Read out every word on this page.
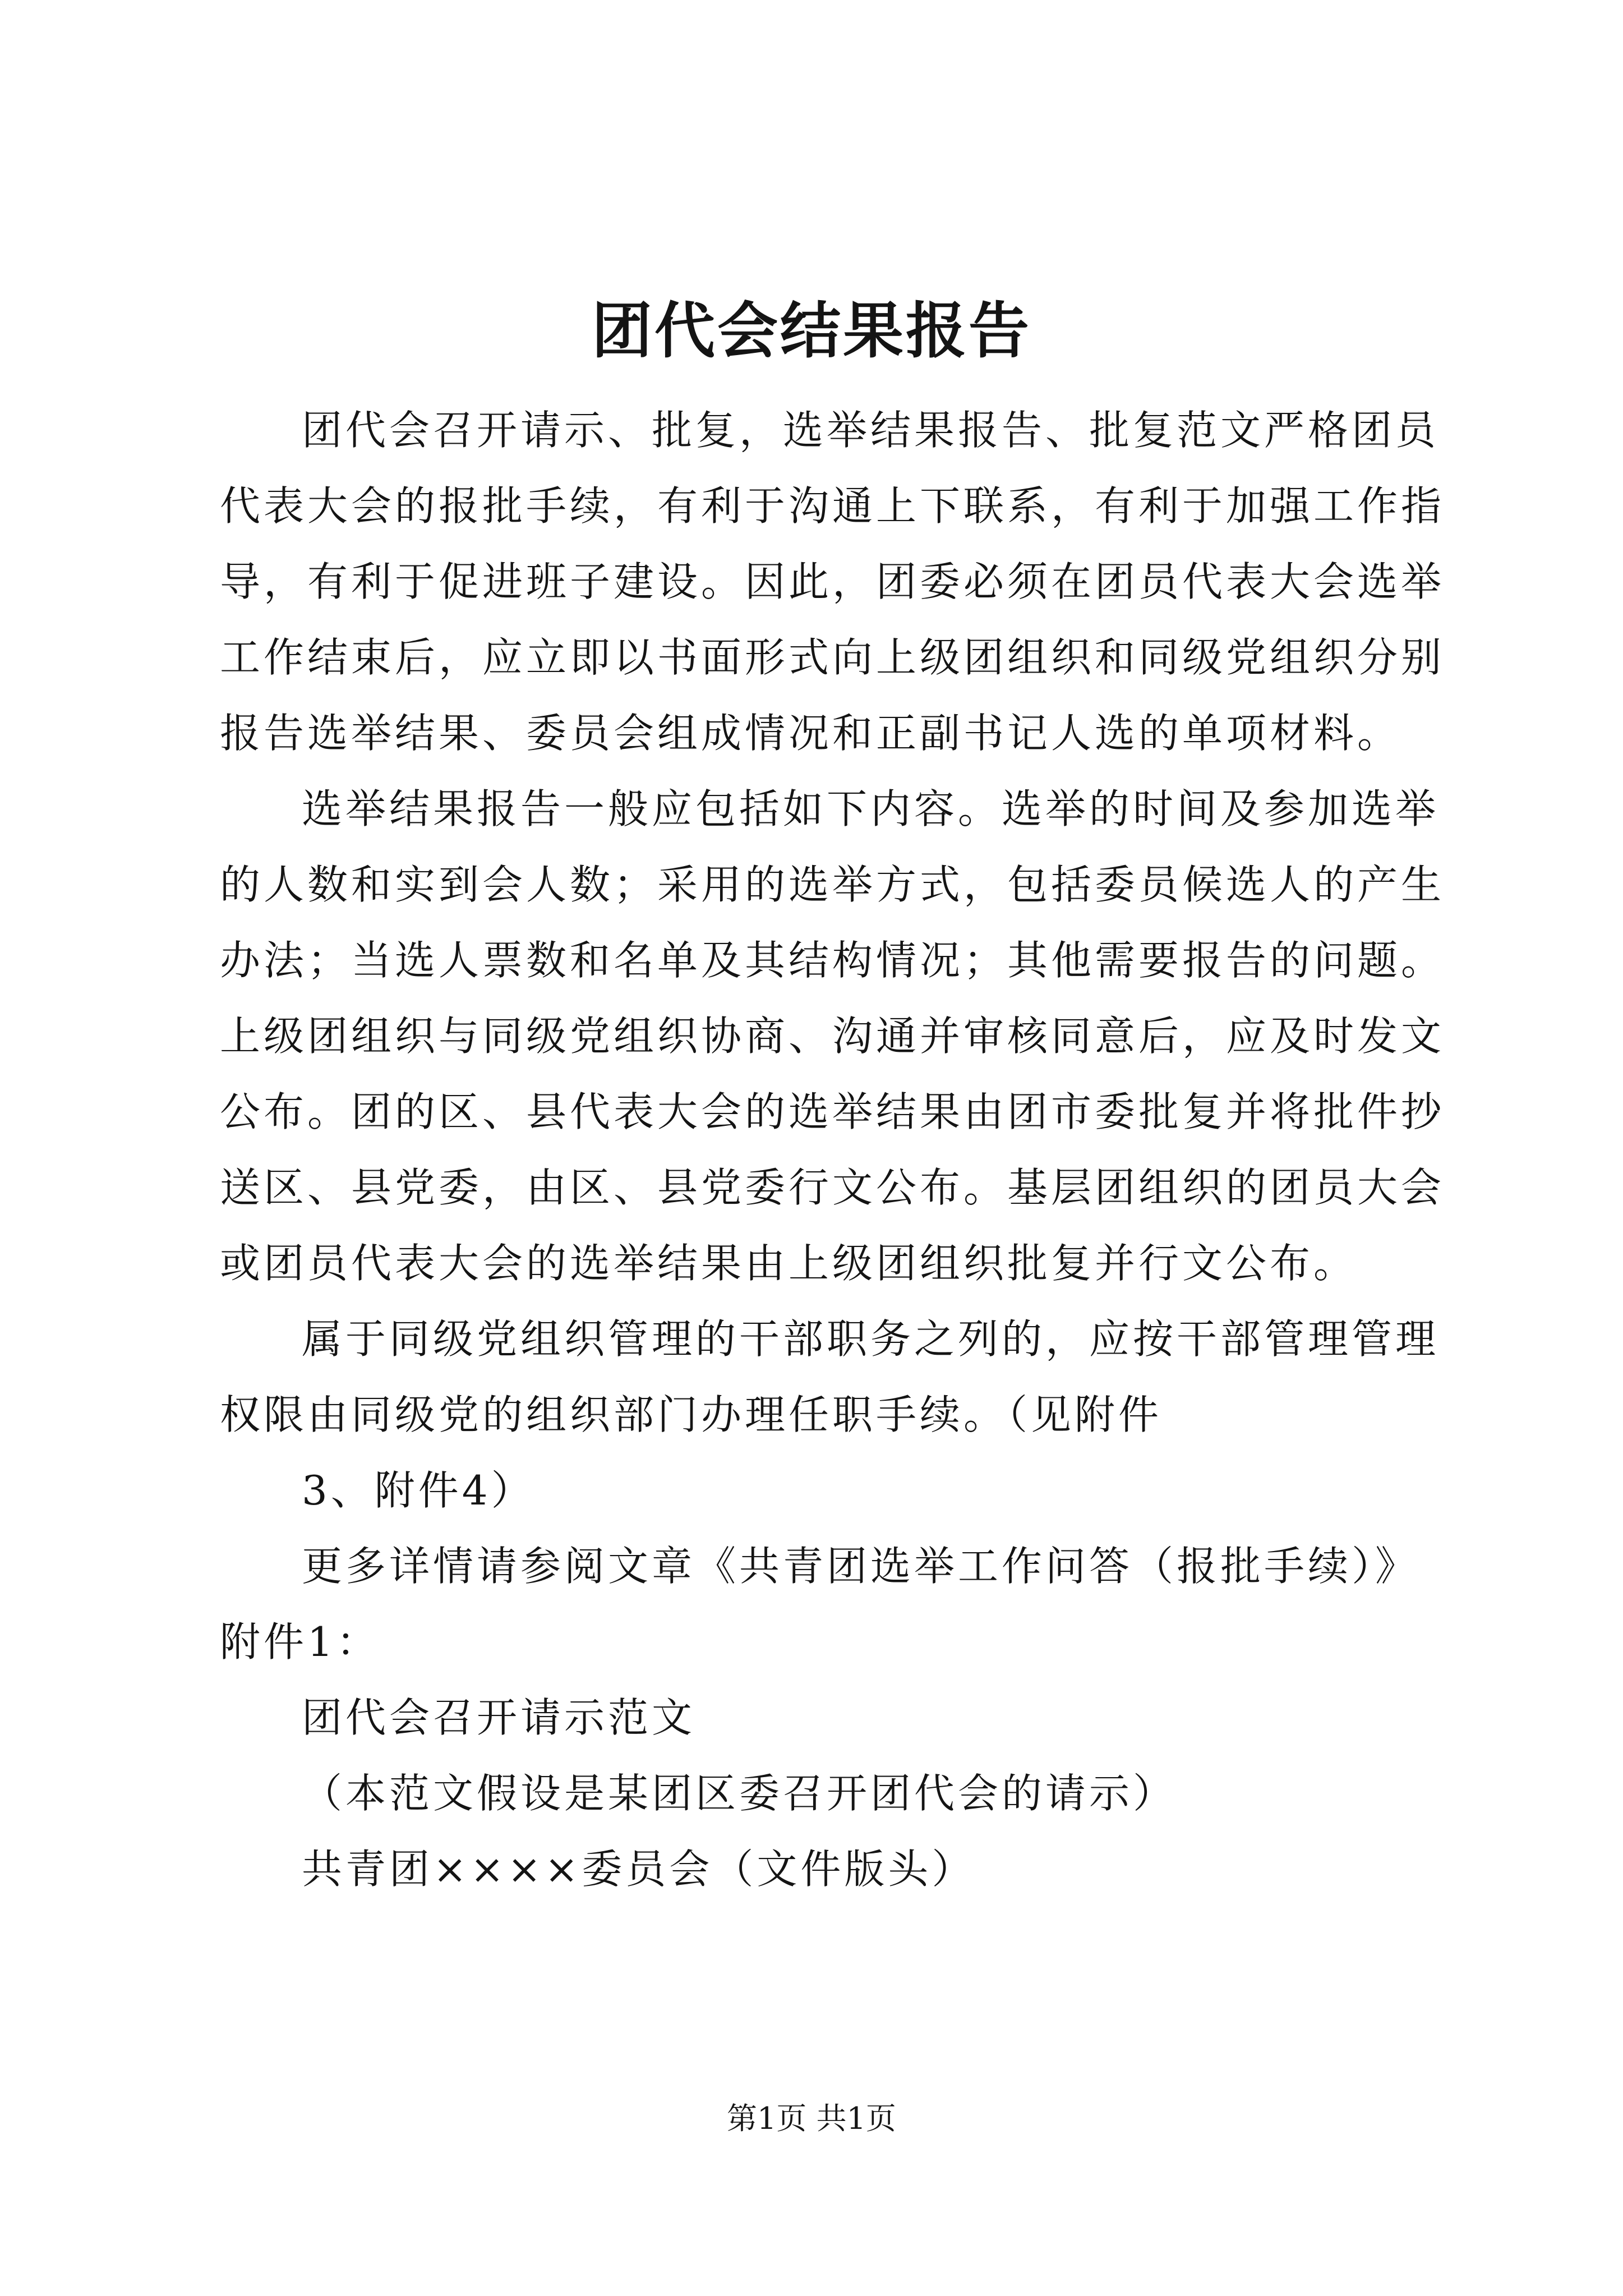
团代会结果报告
团代会召开请示、批复，选举结果报告、批复范文严格团员
代表大会的报批手续，有利于沟通上下联系，有利于加强工作指
导，有利于促进班子建设。因此，团委必须在团员代表大会选举
工作结束后，应立即以书面形式向上级团组织和同级党组织分别
报告选举结果、委员会组成情况和正副书记人选的单项材料。
选举结果报告一般应包括如下内容。选举的时间及参加选举
的人数和实到会人数；采用的选举方式，包括委员候选人的产生
办法；当选人票数和名单及其结构情况；其他需要报告的问题。
上级团组织与同级党组织协商、沟通并审核同意后，应及时发文
公布。团的区、县代表大会的选举结果由团市委批复并将批件抄
送区、县党委，由区、县党委行文公布。基层团组织的团员大会
或团员代表大会的选举结果由上级团组织批复并行文公布。
属于同级党组织管理的干部职务之列的，应按干部管理管理
权限由同级党的组织部门办理任职手续。（见附件
3、附件4）
更多详情请参阅文章《共青团选举工作问答（报批手续）》
附件1：
团代会召开请示范文
（本范文假设是某团区委召开团代会的请示）
共青团××××委员会（文件版头）
第1页 共1页
